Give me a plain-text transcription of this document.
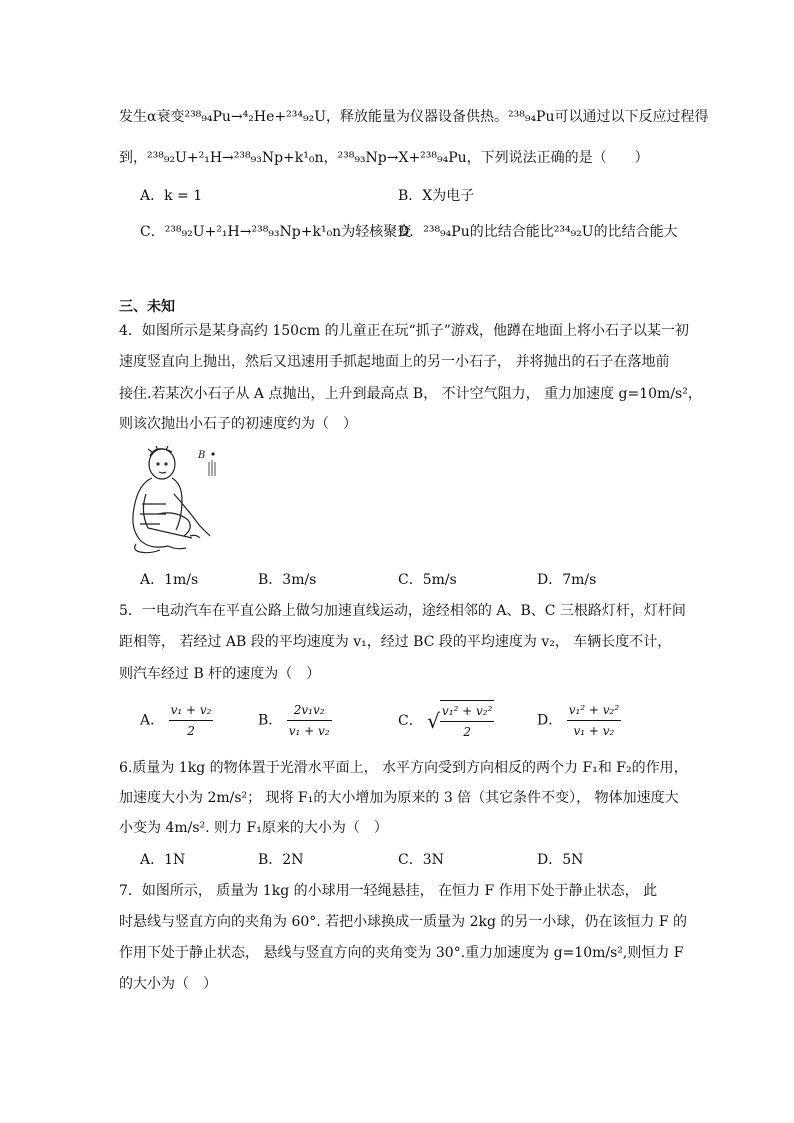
发生α衰变²³⁸₉₄Pu→⁴₂He+²³⁴₉₂U，释放能量为仪器设备供热。²³⁸₉₄Pu可以通过以下反应过程得
到，²³⁸₉₂U+²₁H→²³⁸₉₃Np+k¹₀n，²³⁸₉₃Np→X+²³⁸₉₄Pu，下列说法正确的是（　　）
A．k = 1	B．X为电子
C．²³⁸₉₂U+²₁H→²³⁸₉₃Np+k¹₀n为轻核聚变
D．²³⁸₉₄Pu的比结合能比²³⁴₉₂U的比结合能大
三、未知
4．如图所示是某身高约 150cm 的儿童正在玩“抓子”游戏，他蹲在地面上将小石子以某一初
速度竖直向上抛出，然后又迅速用手抓起地面上的另一小石子， 并将抛出的石子在落地前
接住.若某次小石子从 A 点抛出，上升到最高点 B， 不计空气阻力， 重力加速度 g=10m/s²，
则该次抛出小石子的初速度约为（　）
B
A．1m/s	B．3m/s	C．5m/s	D．7m/s
5．一电动汽车在平直公路上做匀加速直线运动，途经相邻的 A、B、C 三根路灯杆，灯杆间
距相等， 若经过 AB 段的平均速度为 v₁，经过 BC 段的平均速度为 v₂， 车辆长度不计，
则汽车经过 B 杆的速度为（　）
A． $\frac{\text{v₁ + v₂}}{2}$	B． $\frac{\text{2v₁v₂}}{\text{v₁ + v₂}}$	C． √ $\frac{\text{v₁² + v₂²}}{2}$	D． $\frac{\text{v₁² + v₂²}}{\text{v₁ + v₂}}$
6.质量为 1kg 的物体置于光滑水平面上， 水平方向受到方向相反的两个力 F₁和 F₂的作用，
加速度大小为 2m/s²； 现将 F₁的大小增加为原来的 3 倍（其它条件不变）， 物体加速度大
小变为 4m/s². 则力 F₁原来的大小为（　）
A．1N	B．2N	C．3N	D．5N
7．如图所示， 质量为 1kg 的小球用一轻绳悬挂， 在恒力 F 作用下处于静止状态， 此
时悬线与竖直方向的夹角为 60°. 若把小球换成一质量为 2kg 的另一小球，仍在该恒力 F 的
作用下处于静止状态， 悬线与竖直方向的夹角变为 30°.重力加速度为 g=10m/s²,则恒力 F
的大小为（　）
